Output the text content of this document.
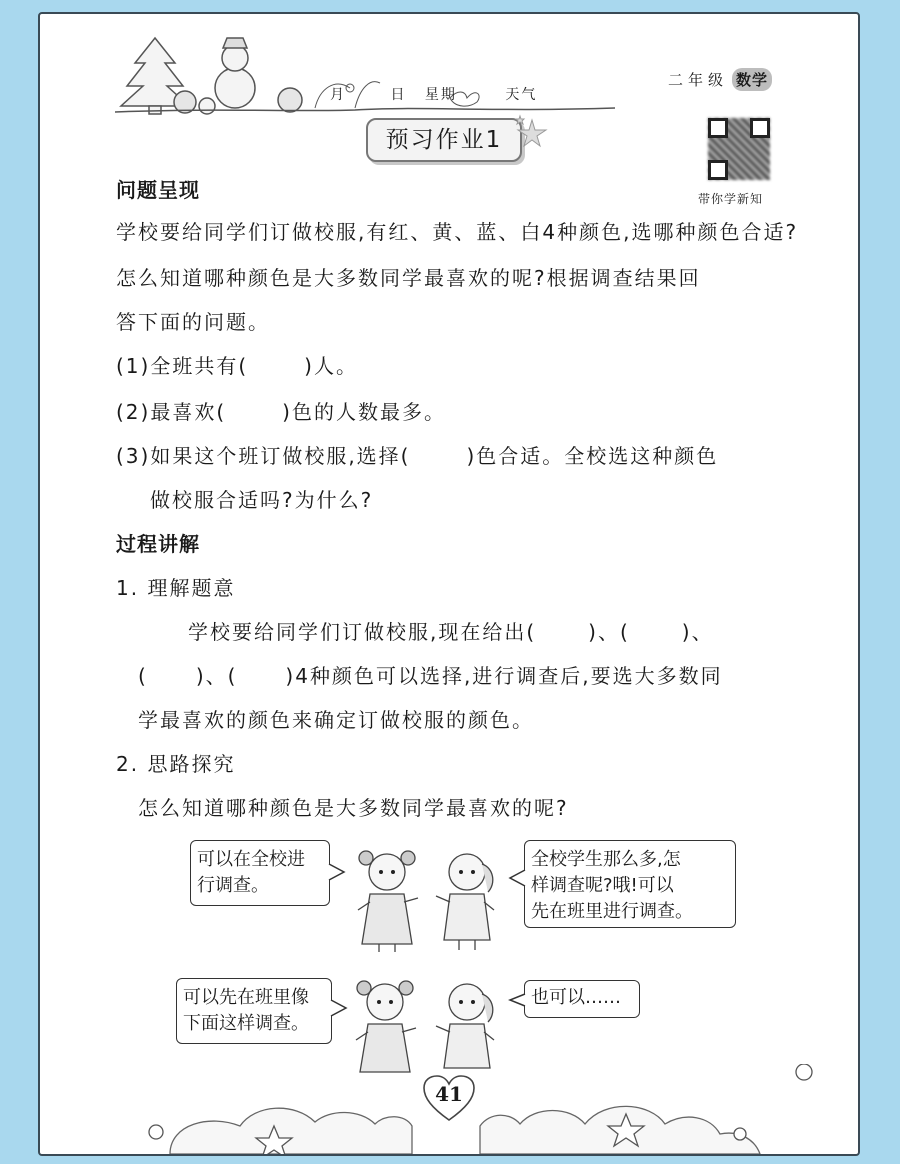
月	日 星期	天气
二年级 数学
预习作业1
带你学新知
问题呈现
学校要给同学们订做校服,有红、黄、蓝、白4种颜色,选哪种颜色合适?
怎么知道哪种颜色是大多数同学最喜欢的呢?根据调查结果回
答下面的问题。
(1)全班共有(	)人。
(2)最喜欢(	)色的人数最多。
(3)如果这个班订做校服,选择(	)色合适。全校选这种颜色
做校服合适吗?为什么?
过程讲解
1. 理解题意
学校要给同学们订做校服,现在给出(	)、(	)、
( )、( )4种颜色可以选择,进行调查后,要选大多数同
学最喜欢的颜色来确定订做校服的颜色。
2. 思路探究
怎么知道哪种颜色是大多数同学最喜欢的呢?
可以在全校进
行调查。
全校学生那么多,怎
样调查呢?哦!可以
先在班里进行调查。
可以先在班里像
下面这样调查。
也可以……
41
